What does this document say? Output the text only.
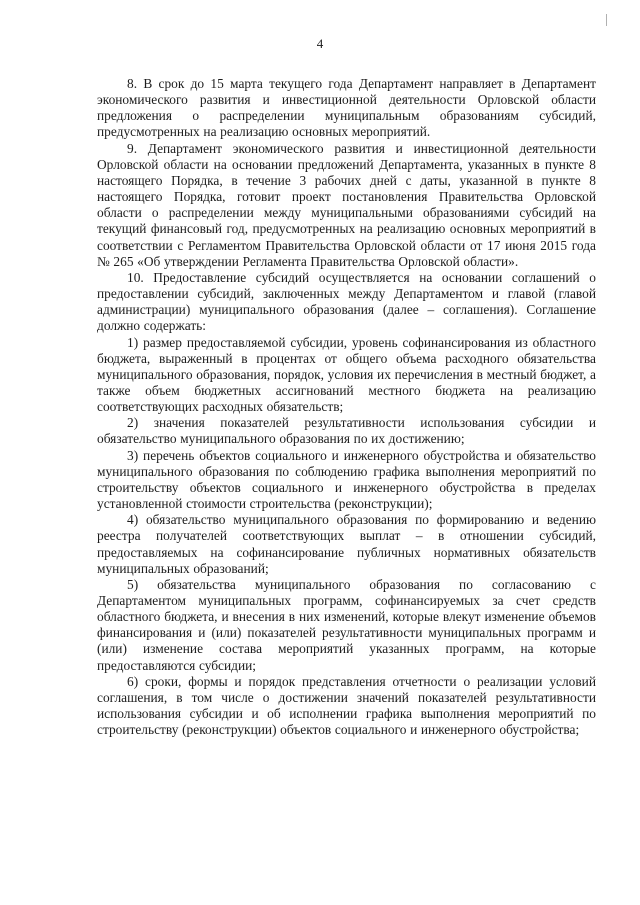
4

8. В срок до 15 марта текущего года Департамент направляет в Департамент экономического развития и инвестиционной деятельности Орловской области предложения о распределении муниципальным образованиям субсидий, предусмотренных на реализацию основных мероприятий.

9. Департамент экономического развития и инвестиционной деятельности Орловской области на основании предложений Департамента, указанных в пункте 8 настоящего Порядка, в течение 3 рабочих дней с даты, указанной в пункте 8 настоящего Порядка, готовит проект постановления Правительства Орловской области о распределении между муниципальными образованиями субсидий на текущий финансовый год, предусмотренных на реализацию основных мероприятий в соответствии с Регламентом Правительства Орловской области от 17 июня 2015 года № 265 «Об утверждении Регламента Правительства Орловской области».

10. Предоставление субсидий осуществляется на основании соглашений о предоставлении субсидий, заключенных между Департаментом и главой (главой администрации) муниципального образования (далее – соглашения). Соглашение должно содержать:

1) размер предоставляемой субсидии, уровень софинансирования из областного бюджета, выраженный в процентах от общего объема расходного обязательства муниципального образования, порядок, условия их перечисления в местный бюджет, а также объем бюджетных ассигнований местного бюджета на реализацию соответствующих расходных обязательств;

2) значения показателей результативности использования субсидии и обязательство муниципального образования по их достижению;

3) перечень объектов социального и инженерного обустройства и обязательство муниципального образования по соблюдению графика выполнения мероприятий по строительству объектов социального и инженерного обустройства в пределах установленной стоимости строительства (реконструкции);

4) обязательство муниципального образования по формированию и ведению реестра получателей соответствующих выплат – в отношении субсидий, предоставляемых на софинансирование публичных нормативных обязательств муниципальных образований;

5) обязательства муниципального образования по согласованию с Департаментом муниципальных программ, софинансируемых за счет средств областного бюджета, и внесения в них изменений, которые влекут изменение объемов финансирования и (или) показателей результативности муниципальных программ и (или) изменение состава мероприятий указанных программ, на которые предоставляются субсидии;

6) сроки, формы и порядок представления отчетности о реализации условий соглашения, в том числе о достижении значений показателей результативности использования субсидии и об исполнении графика выполнения мероприятий по строительству (реконструкции) объектов социального и инженерного обустройства;
